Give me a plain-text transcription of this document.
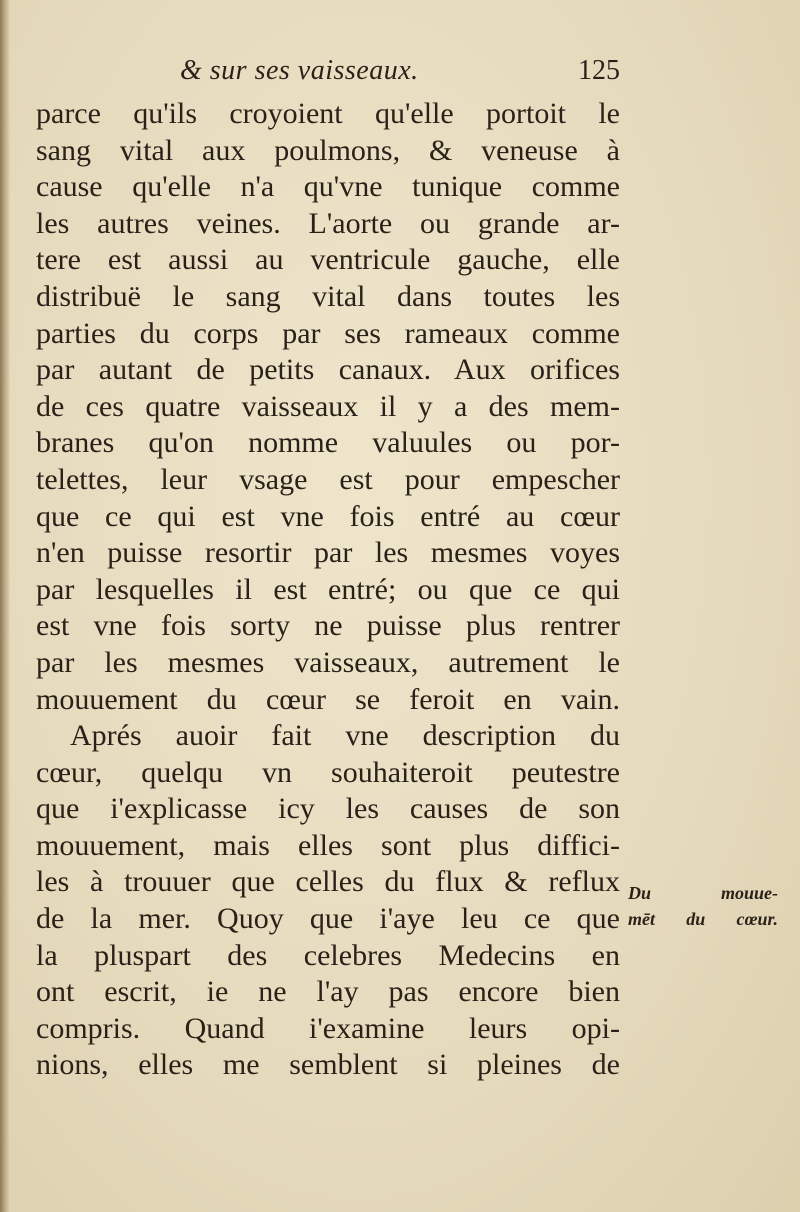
& sur ses vaisseaux.	125
parce qu'ils croyoient qu'elle portoit le
sang vital aux poulmons, & veneuse à
cause qu'elle n'a qu'vne tunique comme
les autres veines. L'aorte ou grande ar-
tere est aussi au ventricule gauche, elle
distribuë le sang vital dans toutes les
parties du corps par ses rameaux comme
par autant de petits canaux. Aux orifices
de ces quatre vaisseaux il y a des mem-
branes qu'on nomme valuules ou por-
telettes, leur vsage est pour empescher
que ce qui est vne fois entré au cœur
n'en puisse resortir par les mesmes voyes
par lesquelles il est entré; ou que ce qui
est vne fois sorty ne puisse plus rentrer
par les mesmes vaisseaux, autrement le
mouuement du cœur se feroit en vain.
Aprés auoir fait vne description du
cœur, quelqu vn souhaiteroit peutestre
que i'explicasse icy les causes de son
mouuement, mais elles sont plus diffici-
les à trouuer que celles du flux & reflux
de la mer. Quoy que i'aye leu ce que
la pluspart des celebres Medecins en
ont escrit, ie ne l'ay pas encore bien
compris. Quand i'examine leurs opi-
nions, elles me semblent si pleines de
Du mouue-
mēt du cœur.
